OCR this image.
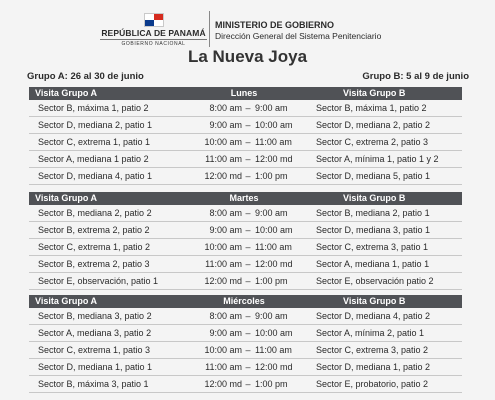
REPÚBLICA DE PANAMÁ
GOBIERNO NACIONAL
MINISTERIO DE GOBIERNO
Dirección General del Sistema Penitenciario
La Nueva Joya
Grupo A: 26 al 30 de junio	Grupo B: 5 al 9 de junio
Visita Grupo A	Lunes	Visita Grupo B
Sector B, máxima 1, patio 2	8:00 am – 9:00 am	Sector B, máxima 1, patio 2
Sector D, mediana 2, patio 1	9:00 am – 10:00 am	Sector D, mediana 2, patio 2
Sector C, extrema 1, patio 1	10:00 am – 11:00 am	Sector C, extrema 2, patio 3
Sector A, mediana 1 patio 2	11:00 am – 12:00 md	Sector A, mínima 1, patio 1 y 2
Sector D, mediana 4, patio 1	12:00 md – 1:00 pm	Sector D, mediana 5, patio 1
Visita Grupo A	Martes	Visita Grupo B
Sector B, mediana 2, patio 2	8:00 am – 9:00 am	Sector B, mediana 2, patio 1
Sector B, extrema 2, patio 2	9:00 am – 10:00 am	Sector D, mediana 3, patio 1
Sector C, extrema 1, patio 2	10:00 am – 11:00 am	Sector C, extrema 3, patio 1
Sector B, extrema 2, patio 3	11:00 am – 12:00 md	Sector A, mediana 1, patio 1
Sector E, observación, patio 1	12:00 md – 1:00 pm	Sector E, observación patio 2
Visita Grupo A	Miércoles	Visita Grupo B
Sector B, mediana 3, patio 2	8:00 am – 9:00 am	Sector D, mediana 4, patio 2
Sector A, mediana 3, patio 2	9:00 am – 10:00 am	Sector A, mínima 2, patio 1
Sector C, extrema 1, patio 3	10:00 am – 11:00 am	Sector C, extrema 3, patio 2
Sector D, mediana 1, patio 1	11:00 am – 12:00 md	Sector D, mediana 1, patio 2
Sector B, máxima 3, patio 1	12:00 md – 1:00 pm	Sector E, probatorio, patio 2
